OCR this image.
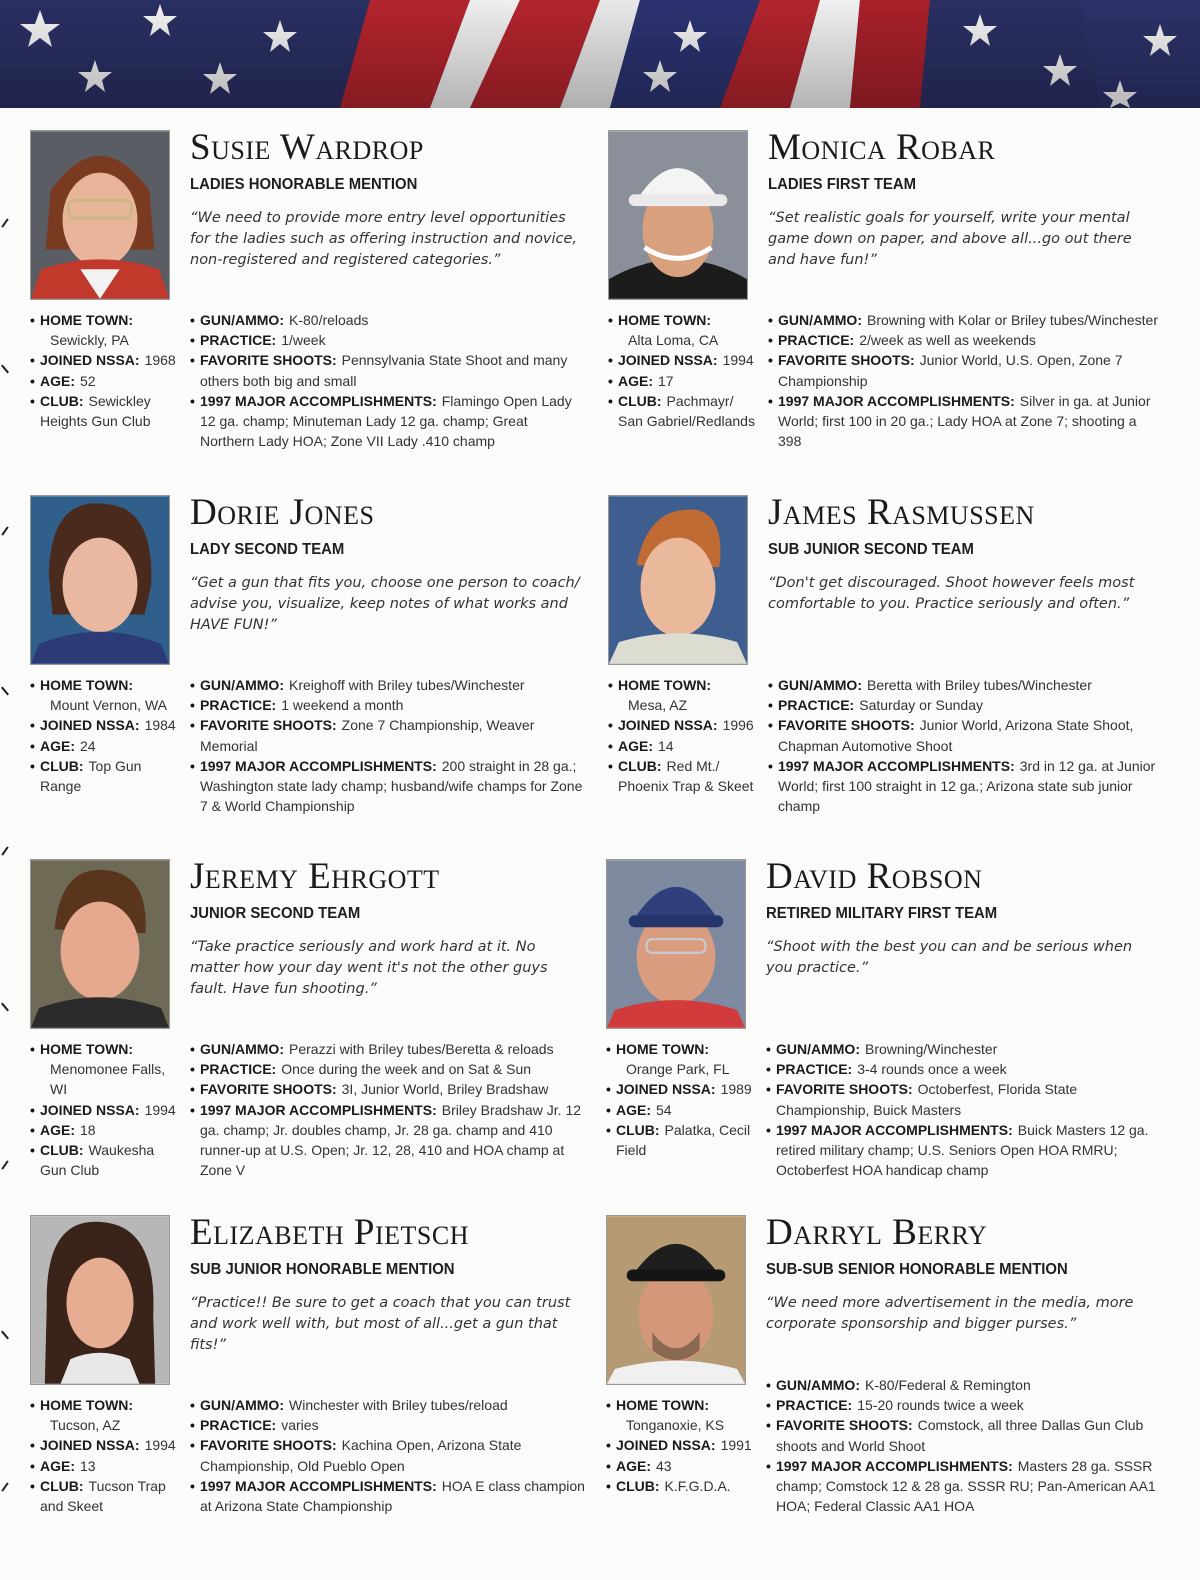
Susie Wardrop
LADIES HONORABLE MENTION
“We need to provide more entry level opportunities for the ladies such as offering instruction and novice, non-registered and registered categories.”
• HOME TOWN:
Sewickly, PA
• JOINED NSSA: 1968
• AGE: 52
• CLUB: Sewickley Heights Gun Club
• GUN/AMMO: K-80/reloads
• PRACTICE: 1/week
• FAVORITE SHOOTS: Pennsylvania State Shoot and many others both big and small
• 1997 MAJOR ACCOMPLISHMENTS: Flamingo Open Lady 12 ga. champ; Minuteman Lady 12 ga. champ; Great Northern Lady HOA; Zone VII Lady .410 champ
Monica Robar
LADIES FIRST TEAM
“Set realistic goals for yourself, write your mental game down on paper, and above all...go out there and have fun!”
• HOME TOWN:
Alta Loma, CA
• JOINED NSSA: 1994
• AGE: 17
• CLUB: Pachmayr/ San Gabriel/Redlands
• GUN/AMMO: Browning with Kolar or Briley tubes/Winchester
• PRACTICE: 2/week as well as weekends
• FAVORITE SHOOTS: Junior World, U.S. Open, Zone 7 Championship
• 1997 MAJOR ACCOMPLISHMENTS: Silver in ga. at Junior World; first 100 in 20 ga.; Lady HOA at Zone 7; shooting a 398
Dorie Jones
LADY SECOND TEAM
“Get a gun that fits you, choose one person to coach/ advise you, visualize, keep notes of what works and HAVE FUN!”
• HOME TOWN:
Mount Vernon, WA
• JOINED NSSA: 1984
• AGE: 24
• CLUB: Top Gun Range
• GUN/AMMO: Kreighoff with Briley tubes/Winchester
• PRACTICE: 1 weekend a month
• FAVORITE SHOOTS: Zone 7 Championship, Weaver Memorial
• 1997 MAJOR ACCOMPLISHMENTS: 200 straight in 28 ga.; Washington state lady champ; husband/wife champs for Zone 7 & World Championship
James Rasmussen
SUB JUNIOR SECOND TEAM
“Don't get discouraged. Shoot however feels most comfortable to you. Practice seriously and often.”
• HOME TOWN:
Mesa, AZ
• JOINED NSSA: 1996
• AGE: 14
• CLUB: Red Mt./ Phoenix Trap & Skeet
• GUN/AMMO: Beretta with Briley tubes/Winchester
• PRACTICE: Saturday or Sunday
• FAVORITE SHOOTS: Junior World, Arizona State Shoot, Chapman Automotive Shoot
• 1997 MAJOR ACCOMPLISHMENTS: 3rd in 12 ga. at Junior World; first 100 straight in 12 ga.; Arizona state sub junior champ
Jeremy Ehrgott
JUNIOR SECOND TEAM
“Take practice seriously and work hard at it. No matter how your day went it's not the other guys fault. Have fun shooting.”
• HOME TOWN:
Menomonee Falls, WI
• JOINED NSSA: 1994
• AGE: 18
• CLUB: Waukesha Gun Club
• GUN/AMMO: Perazzi with Briley tubes/Beretta & reloads
• PRACTICE: Once during the week and on Sat & Sun
• FAVORITE SHOOTS: 3I, Junior World, Briley Bradshaw
• 1997 MAJOR ACCOMPLISHMENTS: Briley Bradshaw Jr. 12 ga. champ; Jr. doubles champ, Jr. 28 ga. champ and 410 runner-up at U.S. Open; Jr. 12, 28, 410 and HOA champ at Zone V
David Robson
RETIRED MILITARY FIRST TEAM
“Shoot with the best you can and be serious when you practice.”
• HOME TOWN:
Orange Park, FL
• JOINED NSSA: 1989
• AGE: 54
• CLUB: Palatka, Cecil Field
• GUN/AMMO: Browning/Winchester
• PRACTICE: 3-4 rounds once a week
• FAVORITE SHOOTS: Octoberfest, Florida State Championship, Buick Masters
• 1997 MAJOR ACCOMPLISHMENTS: Buick Masters 12 ga. retired military champ; U.S. Seniors Open HOA RMRU; Octoberfest HOA handicap champ
Elizabeth Pietsch
SUB JUNIOR HONORABLE MENTION
“Practice!! Be sure to get a coach that you can trust and work well with, but most of all...get a gun that fits!”
• HOME TOWN:
Tucson, AZ
• JOINED NSSA: 1994
• AGE: 13
• CLUB: Tucson Trap and Skeet
• GUN/AMMO: Winchester with Briley tubes/reload
• PRACTICE: varies
• FAVORITE SHOOTS: Kachina Open, Arizona State Championship, Old Pueblo Open
• 1997 MAJOR ACCOMPLISHMENTS: HOA E class champion at Arizona State Championship
Darryl Berry
SUB-SUB SENIOR HONORABLE MENTION
“We need more advertisement in the media, more corporate sponsorship and bigger purses.”
• HOME TOWN:
Tonganoxie, KS
• JOINED NSSA: 1991
• AGE: 43
• CLUB: K.F.G.D.A.
• GUN/AMMO: K-80/Federal & Remington
• PRACTICE: 15-20 rounds twice a week
• FAVORITE SHOOTS: Comstock, all three Dallas Gun Club shoots and World Shoot
• 1997 MAJOR ACCOMPLISHMENTS: Masters 28 ga. SSSR champ; Comstock 12 & 28 ga. SSSR RU; Pan-American AA1 HOA; Federal Classic AA1 HOA
